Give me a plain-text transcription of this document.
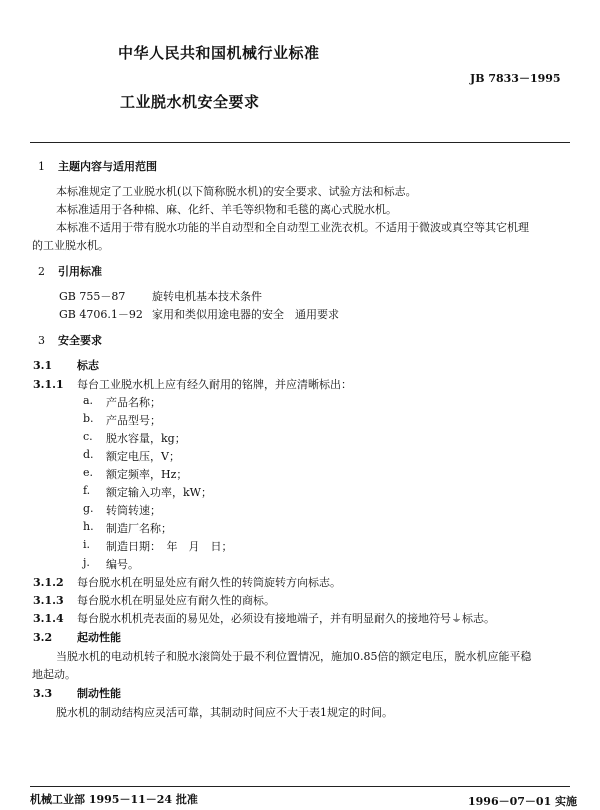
中华人民共和国机械行业标准
JB 7833－1995
工业脱水机安全要求
1 主题内容与适用范围
本标准规定了工业脱水机(以下简称脱水机)的安全要求、试验方法和标志。
本标准适用于各种棉、麻、化纤、羊毛等织物和毛毯的离心式脱水机。
本标准不适用于带有脱水功能的半自动型和全自动型工业洗衣机。不适用于微波或真空等其它机理
的工业脱水机。
2 引用标准
GB 755－87 旋转电机基本技术条件
GB 4706.1－92 家用和类似用途电器的安全　通用要求
3 安全要求
3.1 标志
3.1.1 每台工业脱水机上应有经久耐用的铭牌，并应清晰标出：
a. 产品名称；
b. 产品型号；
c. 脱水容量，kg；
d. 额定电压，V；
e. 额定频率，Hz；
f. 额定输入功率，kW；
g. 转筒转速；
h. 制造厂名称；
i. 制造日期：　年　月　日；
j. 编号。
3.1.2 每台脱水机在明显处应有耐久性的转筒旋转方向标志。
3.1.3 每台脱水机在明显处应有耐久性的商标。
3.1.4 每台脱水机机壳表面的易见处，必须设有接地端子，并有明显耐久的接地符号⏚标志。
3.2 起动性能
当脱水机的电动机转子和脱水滚筒处于最不利位置情况，施加0.85倍的额定电压，脱水机应能平稳
地起动。
3.3 制动性能
脱水机的制动结构应灵活可靠，其制动时间应不大于表1规定的时间。
机械工业部 1995－11－24 批准	1996－07－01 实施
